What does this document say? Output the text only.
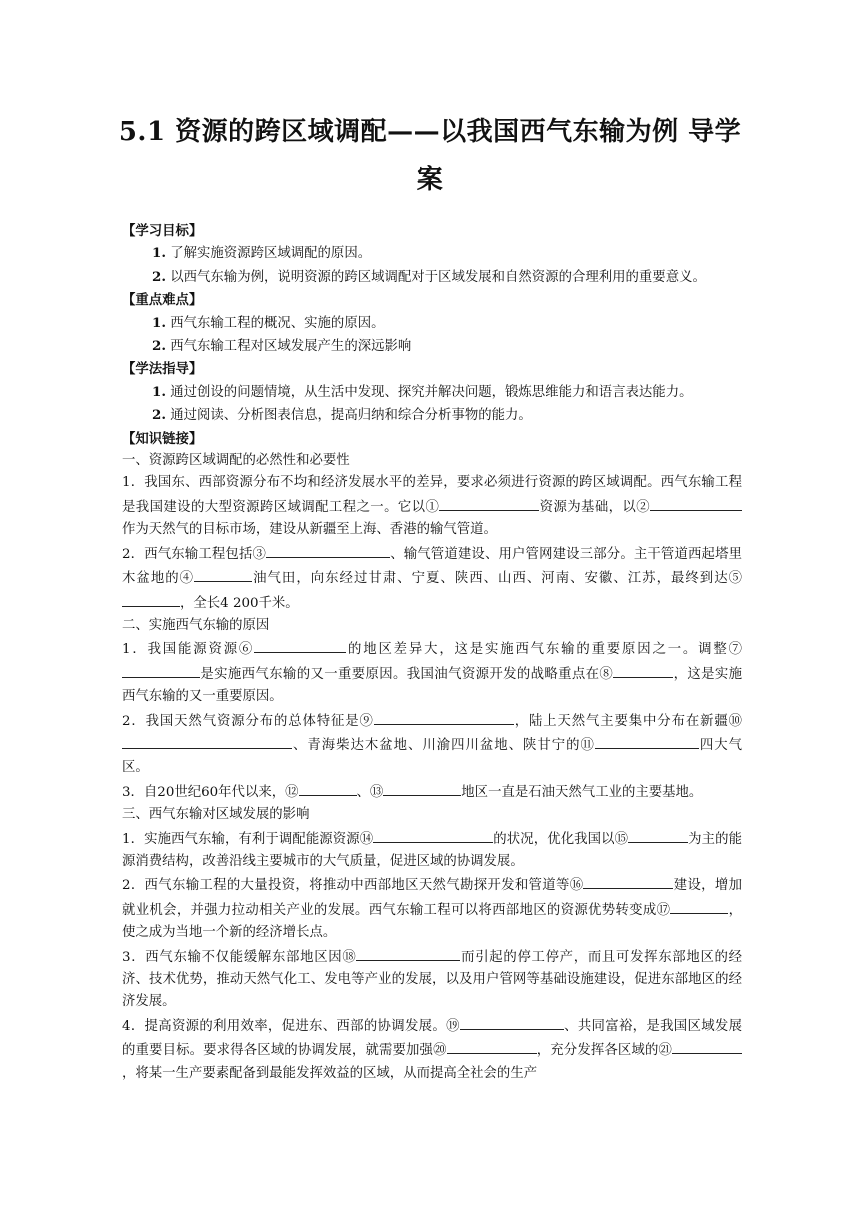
5.1 资源的跨区域调配——以我国西气东输为例 导学案

【学习目标】

1. 了解实施资源跨区域调配的原因。

2. 以西气东输为例，说明资源的跨区域调配对于区域发展和自然资源的合理利用的重要意义。

【重点难点】

1. 西气东输工程的概况、实施的原因。

2. 西气东输工程对区域发展产生的深远影响

【学法指导】

1. 通过创设的问题情境，从生活中发现、探究并解决问题，锻炼思维能力和语言表达能力。

2. 通过阅读、分析图表信息，提高归纳和综合分析事物的能力。

【知识链接】

一、资源跨区域调配的必然性和必要性

1．我国东、西部资源分布不均和经济发展水平的差异，要求必须进行资源的跨区域调配。西气东输工程是我国建设的大型资源跨区域调配工程之一。它以①	资源为基础，以②作为天然气的目标市场，建设从新疆至上海、香港的输气管道。

2．西气东输工程包括③	、输气管道建设、用户管网建设三部分。主干管道西起塔里木盆地的④	油气田，向东经过甘肃、宁夏、陕西、山西、河南、安徽、江苏，最终到达⑤，全长4 200千米。

二、实施西气东输的原因

1．我国能源资源⑥	的地区差异大，这是实施西气东输的重要原因之一。调整⑦是实施西气东输的又一重要原因。我国油气资源开发的战略重点在⑧	，这是实施西气东输的又一重要原因。

2．我国天然气资源分布的总体特征是⑨	，陆上天然气主要集中分布在新疆⑩、青海柴达木盆地、川渝四川盆地、陕甘宁的⑪	四大气区。

3．自20世纪60年代以来，⑫	、⑬	地区一直是石油天然气工业的主要基地。

三、西气东输对区域发展的影响

1．实施西气东输，有利于调配能源资源⑭	的状况，优化我国以⑮	为主的能源消费结构，改善沿线主要城市的大气质量，促进区域的协调发展。

2．西气东输工程的大量投资，将推动中西部地区天然气勘探开发和管道等⑯	建设，增加就业机会，并强力拉动相关产业的发展。西气东输工程可以将西部地区的资源优势转变成⑰	，使之成为当地一个新的经济增长点。

3．西气东输不仅能缓解东部地区因⑱	而引起的停工停产，而且可发挥东部地区的经济、技术优势，推动天然气化工、发电等产业的发展，以及用户管网等基础设施建设，促进东部地区的经济发展。

4．提高资源的利用效率，促进东、西部的协调发展。⑲	、共同富裕，是我国区域发展的重要目标。要求得各区域的协调发展，就需要加强⑳	，充分发挥各区域的㉑，将某一生产要素配备到最能发挥效益的区域，从而提高全社会的生产
